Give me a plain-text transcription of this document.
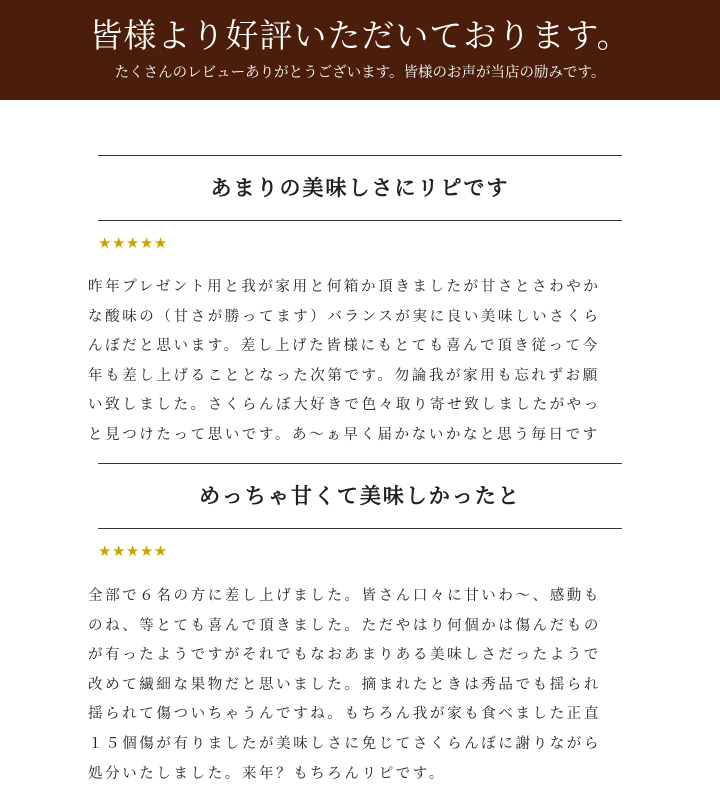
皆様より好評いただいております。
たくさんのレビューありがとうございます。皆様のお声が当店の励みです。
あまりの美味しさにリピです
★★★★★
昨年プレゼント用と我が家用と何箱か頂きましたが甘さとさわやか
な酸味の（甘さが勝ってます）バランスが実に良い美味しいさくら
んぼだと思います。差し上げた皆様にもとても喜んで頂き従って今
年も差し上げることとなった次第です。勿論我が家用も忘れずお願
い致しました。さくらんぼ大好きで色々取り寄せ致しましたがやっ
と見つけたって思いです。あ～ぁ早く届かないかなと思う毎日です
めっちゃ甘くて美味しかったと
★★★★★
全部で６名の方に差し上げました。皆さん口々に甘いわ～、感動も
のね、等とても喜んで頂きました。ただやはり何個かは傷んだもの
が有ったようですがそれでもなおあまりある美味しさだったようで
改めて繊細な果物だと思いました。摘まれたときは秀品でも揺られ
揺られて傷ついちゃうんですね。もちろん我が家も食べました正直
１５個傷が有りましたが美味しさに免じてさくらんぼに謝りながら
処分いたしました。来年？もちろんリピです。
